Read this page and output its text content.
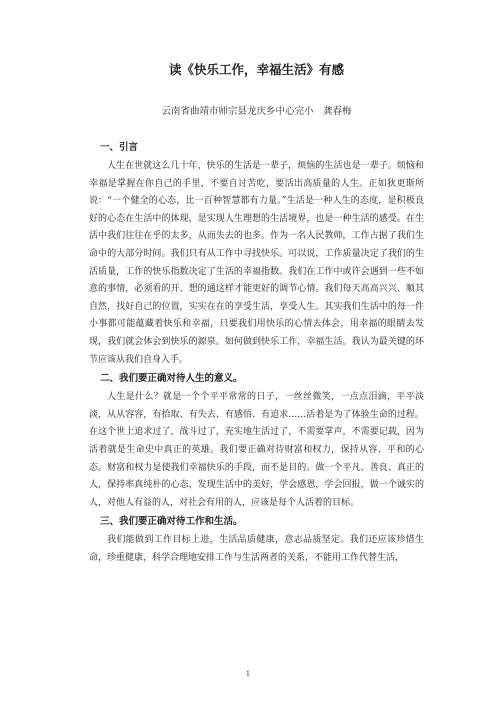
读《快乐工作，幸福生活》有感
云南省曲靖市师宗县龙庆乡中心完小　龚春梅
一、引言

人生在世就这么几十年，快乐的生活是一辈子，烦恼的生活也是一辈子。烦恼和幸福是掌握在你自己的手里，不要自讨苦吃，要活出高质量的人生。正如狄更斯所说：“一个健全的心态，比一百种智慧都有力量。”生活是一种人生的态度，是积极良好的心态在生活中的体现，是实现人生理想的生活境界，也是一种生活的感受。在生活中我们往往在乎的太多，从而失去的也多。作为一名人民教师，工作占据了我们生命中的大部分时间。我们只有从工作中寻找快乐。可以说，工作质量决定了我们的生活质量，工作的快乐指数决定了生活的幸福指数。我们在工作中或许会遇到一些不如意的事情，必须看的开、想的通这样才能更好的调节心情。我们每天高高兴兴、顺其自然，找好自己的位置，实实在在的享受生活，享受人生。其实我们生活中的每一件小事都可能蕴藏着快乐和幸福，只要我们用快乐的心情去体会，用幸福的眼睛去发现，我们就会体会到快乐的源泉。如何做到快乐工作，幸福生活。我认为最关键的环节应该从我们自身入手。

二、我们要正确对待人生的意义。

人生是什么？就是一个个平平常常的日子，一丝丝微笑，一点点泪滴，平平淡淡，从从容容，有拾取、有失去、有感悟、有追求……活着是为了体验生命的过程。在这个世上追求过了，战斗过了，充实地生活过了，不需要掌声，不需要记载，因为活着就是生命史中真正的英雄。我们要正确对待财富和权力，保持从容、平和的心态。财富和权力是使我们幸福快乐的手段，而不是目的。做一个平凡、善良、真正的人，保持率真纯朴的心态，发现生活中的美好，学会感恩，学会回报，做一个诚实的人，对他人有益的人，对社会有用的人，应该是每个人活着的目标。

三、我们要正确对待工作和生活。

我们能做到工作目标上进，生活品质健康，意志品质坚定。我们还应该珍惜生命，珍重健康，科学合理地安排工作与生活两者的关系，不能用工作代替生活，

1
